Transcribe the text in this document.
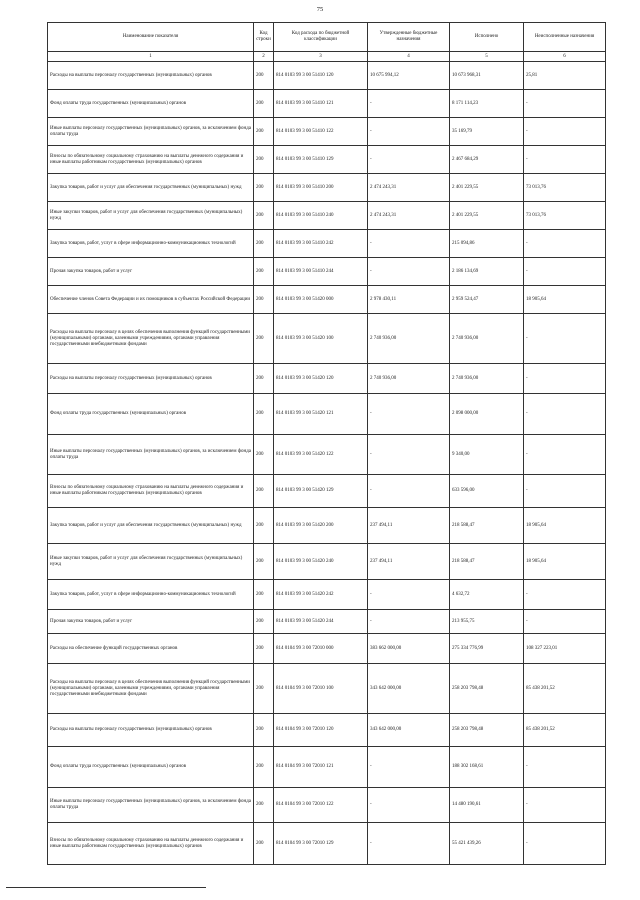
75
Наименование показателя	Код строки	Код расхода по бюджетной классификации	Утвержденные бюджетные назначения	Исполнено	Неисполненные назначения
1	2	3	4	5	6
Расходы на выплаты персоналу государственных (муниципальных) органов	200	814 0103 99 3 00 51410 120	10 675 994,12	10 673 968,31	25,81
Фонд оплаты труда государственных (муниципальных) органов	200	814 0103 99 3 00 51410 121	-	8 171 114,23	-
Иные выплаты персоналу государственных (муниципальных) органов, за исключением фонда оплаты труда	200	814 0103 99 3 00 51410 122	-	35 169,79	-
Взносы по обязательному социальному страхованию на выплаты денежного содержания и иные выплаты работникам государственных (муниципальных) органов	200	814 0103 99 3 00 51410 129	-	2 467 684,29	-
Закупка товаров, работ и услуг для обеспечения государственных (муниципальных) нужд	200	814 0103 99 3 00 51410 200	2 474 243,31	2 401 229,55	73 013,76
Иные закупки товаров, работ и услуг для обеспечения государственных (муниципальных) нужд	200	814 0103 99 3 00 51410 240	2 474 243,31	2 401 229,55	73 013,76
Закупка товаров, работ, услуг в сфере информационно-коммуникационных технологий	200	814 0103 99 3 00 51410 242	-	215 094,86	-
Прочая закупка товаров, работ и услуг	200	814 0103 99 3 00 51410 244	-	2 186 134,69	-
Обеспечение членов Совета Федерации и их помощников в субъектах Российской Федерации	200	814 0103 99 3 00 51420 000	2 978 430,11	2 959 524,47	18 905,64
Расходы на выплаты персоналу в целях обеспечения выполнения функций государственными (муниципальными) органами, казенными учреждениями, органами управления государственными внебюджетными фондами	200	814 0103 99 3 00 51420 100	2 740 936,00	2 740 936,00	-
Расходы на выплаты персоналу государственных (муниципальных) органов	200	814 0103 99 3 00 51420 120	2 740 936,00	2 740 936,00	-
Фонд оплаты труда государственных (муниципальных) органов	200	814 0103 99 3 00 51420 121	-	2 098 000,00	-
Иные выплаты персоналу государственных (муниципальных) органов, за исключением фонда оплаты труда	200	814 0103 99 3 00 51420 122	-	9 340,00	-
Взносы по обязательному социальному страхованию на выплаты денежного содержания и иные выплаты работникам государственных (муниципальных) органов	200	814 0103 99 3 00 51420 129	-	633 596,00	-
Закупка товаров, работ и услуг для обеспечения государственных (муниципальных) нужд	200	814 0103 99 3 00 51420 200	237 494,11	218 588,47	18 905,64
Иные закупки товаров, работ и услуг для обеспечения государственных (муниципальных) нужд	200	814 0103 99 3 00 51420 240	237 494,11	218 588,47	18 905,64
Закупка товаров, работ, услуг в сфере информационно-коммуникационных технологий	200	814 0103 99 3 00 51420 242	-	4 632,72	-
Прочая закупка товаров, работ и услуг	200	814 0103 99 3 00 51420 244	-	213 955,75	-
Расходы на обеспечение функций государственных органов	200	814 0104 99 3 00 72010 000	383 662 000,00	275 334 776,99	108 327 223,01
Расходы на выплаты персоналу в целях обеспечения выполнения функций государственными (муниципальными) органами, казенными учреждениями, органами управления государственными внебюджетными фондами	200	814 0104 99 3 00 72010 100	343 642 000,00	258 203 798,48	85 438 201,52
Расходы на выплаты персоналу государственных (муниципальных) органов	200	814 0104 99 3 00 72010 120	343 642 000,00	258 203 798,48	85 438 201,52
Фонд оплаты труда государственных (муниципальных) органов	200	814 0104 99 3 00 72010 121	-	188 302 168,61	-
Иные выплаты персоналу государственных (муниципальных) органов, за исключением фонда оплаты труда	200	814 0104 99 3 00 72010 122	-	14 480 190,61	-
Взносы по обязательному социальному страхованию на выплаты денежного содержания и иные выплаты работникам государственных (муниципальных) органов	200	814 0104 99 3 00 72010 129	-	55 421 439,26	-
